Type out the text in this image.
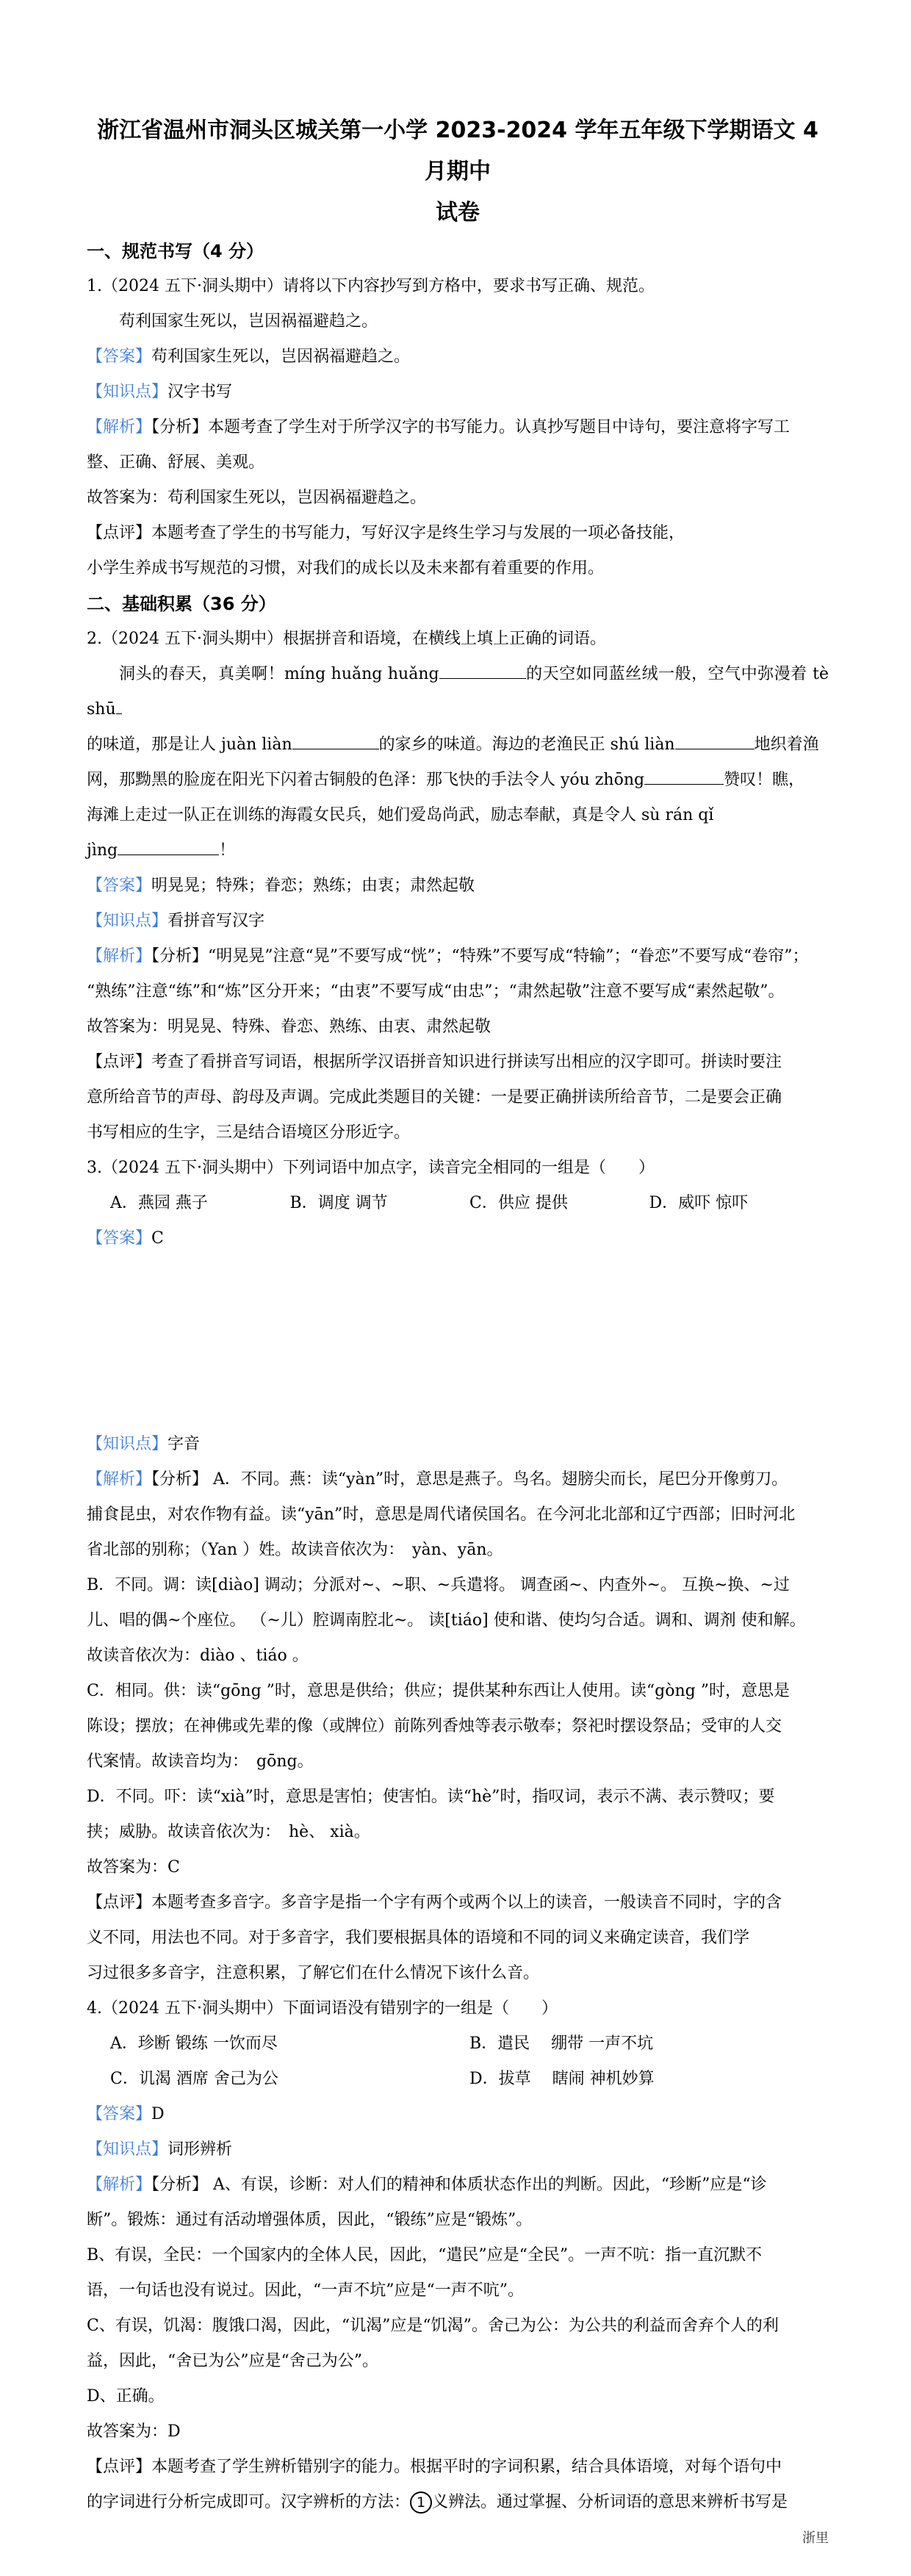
浙江省温州市洞头区城关第一小学 2023-2024 学年五年级下学期语文 4 月期中
试卷
一、规范书写（4 分）
1.（2024 五下·洞头期中）请将以下内容抄写到方格中，要求书写正确、规范。
苟利国家生死以，岂因祸福避趋之。
【答案】苟利国家生死以，岂因祸福避趋之。
【知识点】汉字书写
【解析】【分析】本题考查了学生对于所学汉字的书写能力。认真抄写题目中诗句，要注意将字写工
整、正确、舒展、美观。
故答案为：苟利国家生死以，岂因祸福避趋之。
【点评】本题考查了学生的书写能力，写好汉字是终生学习与发展的一项必备技能，
小学生养成书写规范的习惯，对我们的成长以及未来都有着重要的作用。
二、基础积累（36 分）
2.（2024 五下·洞头期中）根据拼音和语境，在横线上填上正确的词语。
洞头的春天，真美啊！míng huǎng huǎng	的天空如同蓝丝绒一般，空气中弥漫着 tè shū
的味道，那是让人 juàn liàn	的家乡的味道。海边的老渔民正 shú liàn	地织着渔
网，那黝黑的脸庞在阳光下闪着古铜般的色泽：那飞快的手法令人 yóu zhōng	赞叹！瞧，
海滩上走过一队正在训练的海霞女民兵，她们爱岛尚武，励志奉献，真是令人 sù rán qǐ
jìng	！
【答案】明晃晃；特殊；眷恋；熟练；由衷；肃然起敬
【知识点】看拼音写汉字
【解析】【分析】“明晃晃”注意“晃”不要写成“恍”；“特殊”不要写成“特输”；“眷恋”不要写成“卷帘”；
“熟练”注意“练”和“炼”区分开来；“由衷”不要写成“由忠”；“肃然起敬”注意不要写成“素然起敬”。
故答案为：明晃晃、特殊、眷恋、熟练、由衷、肃然起敬
【点评】考查了看拼音写词语，根据所学汉语拼音知识进行拼读写出相应的汉字即可。拼读时要注
意所给音节的声母、韵母及声调。完成此类题目的关键：一是要正确拼读所给音节，二是要会正确
书写相应的生字，三是结合语境区分形近字。
3.（2024 五下·洞头期中）下列词语中加点字，读音完全相同的一组是（　　）
A．燕园 燕子	B．调度 调节	C．供应 提供	D．威吓 惊吓
【答案】C
【知识点】字音
【解析】【分析】 A．不同。燕：读“yàn”时，意思是燕子。鸟名。翅膀尖而长，尾巴分开像剪刀。
捕食昆虫，对农作物有益。读“yān”时，意思是周代诸侯国名。在今河北北部和辽宁西部；旧时河北
省北部的别称；（Yan ）姓。故读音依次为：　yàn、yān。
B．不同。调：读[diào] 调动；分派对~、~职、~兵遣将。 调查函~、内查外~。 互换~换、~过
儿、唱的偶~个座位。 （~儿）腔调南腔北~。 读[tiáo] 使和谐、使均匀合适。调和、调剂 使和解。
故读音依次为：diào 、tiáo 。
C．相同。供：读“gōng ”时，意思是供给；供应；提供某种东西让人使用。读“gòng ”时，意思是
陈设；摆放；在神佛或先辈的像（或牌位）前陈列香烛等表示敬奉；祭祀时摆设祭品；受审的人交
代案情。故读音均为：　gōng。
D．不同。吓：读“xià”时，意思是害怕；使害怕。读“hè”时，指叹词，表示不满、表示赞叹；要
挟；威胁。故读音依次为：　hè、 xià。
故答案为：C
【点评】本题考查多音字。多音字是指一个字有两个或两个以上的读音，一般读音不同时，字的含
义不同，用法也不同。对于多音字，我们要根据具体的语境和不同的词义来确定读音，我们学
习过很多多音字，注意积累，了解它们在什么情况下该什么音。
4.（2024 五下·洞头期中）下面词语没有错别字的一组是（　　）
A．珍断 锻练 一饮而尽	B．遣民　 绷带 一声不坑
C．讥渴 酒席 舍己为公	D．拔草　 瞎闹 神机妙算
【答案】D
【知识点】词形辨析
【解析】【分析】 A、有误，诊断：对人们的精神和体质状态作出的判断。因此，“珍断”应是“诊
断”。锻炼：通过有活动增强体质，因此，“锻练”应是“锻炼”。
B、有误，全民：一个国家内的全体人民，因此，“遣民”应是“全民”。一声不吭：指一直沉默不
语，一句话也没有说过。因此，“一声不坑”应是“一声不吭”。
C、有误，饥渴：腹饿口渴，因此，“讥渴”应是“饥渴”。舍己为公：为公共的利益而舍弃个人的利
益，因此，“舍已为公”应是“舍己为公”。
D、正确。
故答案为：D
【点评】本题考查了学生辨析错别字的能力。根据平时的字词积累，结合具体语境，对每个语句中
的字词进行分析完成即可。汉字辨析的方法： 1 义辨法。通过掌握、分析词语的意思来辨析书写是
浙里
